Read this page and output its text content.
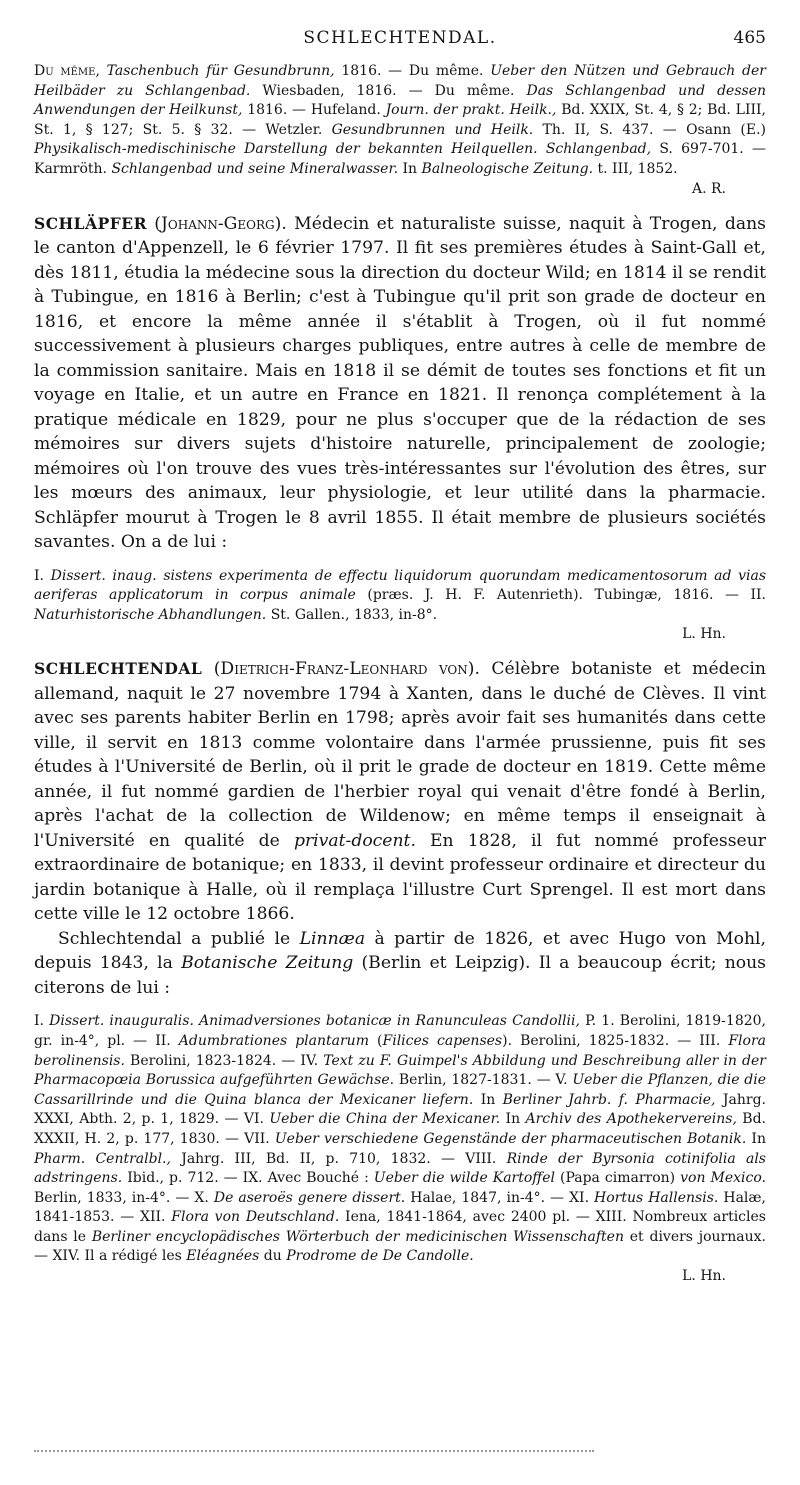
SCHLECHTENDAL.	465

Du même, Taschenbuch für Gesundbrunn, 1816. — Du même. Ueber den Nützen und Gebrauch der Heilbäder zu Schlangenbad. Wiesbaden, 1816. — Du même. Das Schlangenbad und dessen Anwendungen der Heilkunst, 1816. — Hufeland. Journ. der prakt. Heilk., Bd. XXIX, St. 4, § 2; Bd. LIII, St. 1, § 127; St. 5. § 32. — Wetzler. Gesundbrunnen und Heilk. Th. II, S. 437. — Osann (E.) Physikalisch-medischinische Darstellung der bekannten Heilquellen. Schlangenbad, S. 697-701. — Karmröth. Schlangenbad und seine Mineralwasser. In Balneologische Zeitung. t. III, 1852.

A. R.

SCHLÄPFER (Johann-Georg). Médecin et naturaliste suisse, naquit à Trogen, dans le canton d'Appenzell, le 6 février 1797. Il fit ses premières études à Saint-Gall et, dès 1811, étudia la médecine sous la direction du docteur Wild; en 1814 il se rendit à Tubingue, en 1816 à Berlin; c'est à Tubingue qu'il prit son grade de docteur en 1816, et encore la même année il s'établit à Trogen, où il fut nommé successivement à plusieurs charges publiques, entre autres à celle de membre de la commission sanitaire. Mais en 1818 il se démit de toutes ses fonctions et fit un voyage en Italie, et un autre en France en 1821. Il renonça complétement à la pratique médicale en 1829, pour ne plus s'occuper que de la rédaction de ses mémoires sur divers sujets d'histoire naturelle, principalement de zoologie; mémoires où l'on trouve des vues très-intéressantes sur l'évolution des êtres, sur les mœurs des animaux, leur physiologie, et leur utilité dans la pharmacie. Schläpfer mourut à Trogen le 8 avril 1855. Il était membre de plusieurs sociétés savantes. On a de lui :

I. Dissert. inaug. sistens experimenta de effectu liquidorum quorundam medicamentosorum ad vias aeriferas applicatorum in corpus animale (præs. J. H. F. Autenrieth). Tubingæ, 1816. — II. Naturhistorische Abhandlungen. St. Gallen., 1833, in-8°.

L. Hn.

SCHLECHTENDAL (Dietrich-Franz-Leonhard von). Célèbre botaniste et médecin allemand, naquit le 27 novembre 1794 à Xanten, dans le duché de Clèves. Il vint avec ses parents habiter Berlin en 1798; après avoir fait ses humanités dans cette ville, il servit en 1813 comme volontaire dans l'armée prussienne, puis fit ses études à l'Université de Berlin, où il prit le grade de docteur en 1819. Cette même année, il fut nommé gardien de l'herbier royal qui venait d'être fondé à Berlin, après l'achat de la collection de Wildenow; en même temps il enseignait à l'Université en qualité de privat-docent. En 1828, il fut nommé professeur extraordinaire de botanique; en 1833, il devint professeur ordinaire et directeur du jardin botanique à Halle, où il remplaça l'illustre Curt Sprengel. Il est mort dans cette ville le 12 octobre 1866.

Schlechtendal a publié le Linnæa à partir de 1826, et avec Hugo von Mohl, depuis 1843, la Botanische Zeitung (Berlin et Leipzig). Il a beaucoup écrit; nous citerons de lui :

I. Dissert. inauguralis. Animadversiones botanicæ in Ranunculeas Candollii, P. 1. Berolini, 1819-1820, gr. in-4°, pl. — II. Adumbrationes plantarum (Filices capenses). Berolini, 1825-1832. — III. Flora berolinensis. Berolini, 1823-1824. — IV. Text zu F. Guimpel's Abbildung und Beschreibung aller in der Pharmacopœia Borussica aufgeführten Gewächse. Berlin, 1827-1831. — V. Ueber die Pflanzen, die die Cassarillrinde und die Quina blanca der Mexicaner liefern. In Berliner Jahrb. f. Pharmacie, Jahrg. XXXI, Abth. 2, p. 1, 1829. — VI. Ueber die China der Mexicaner. In Archiv des Apothekervereins, Bd. XXXII, H. 2, p. 177, 1830. — VII. Ueber verschiedene Gegenstände der pharmaceutischen Botanik. In Pharm. Centralbl., Jahrg. III, Bd. II, p. 710, 1832. — VIII. Rinde der Byrsonia cotinifolia als adstringens. Ibid., p. 712. — IX. Avec Bouché : Ueber die wilde Kartoffel (Papa cimarron) von Mexico. Berlin, 1833, in-4°. — X. De aseroës genere dissert. Halae, 1847, in-4°. — XI. Hortus Hallensis. Halæ, 1841-1853. — XII. Flora von Deutschland. Iena, 1841-1864, avec 2400 pl. — XIII. Nombreux articles dans le Berliner encyclopädisches Wörterbuch der medicinischen Wissenschaften et divers journaux. — XIV. Il a rédigé les Eléagnées du Prodrome de De Candolle.

L. Hn.
